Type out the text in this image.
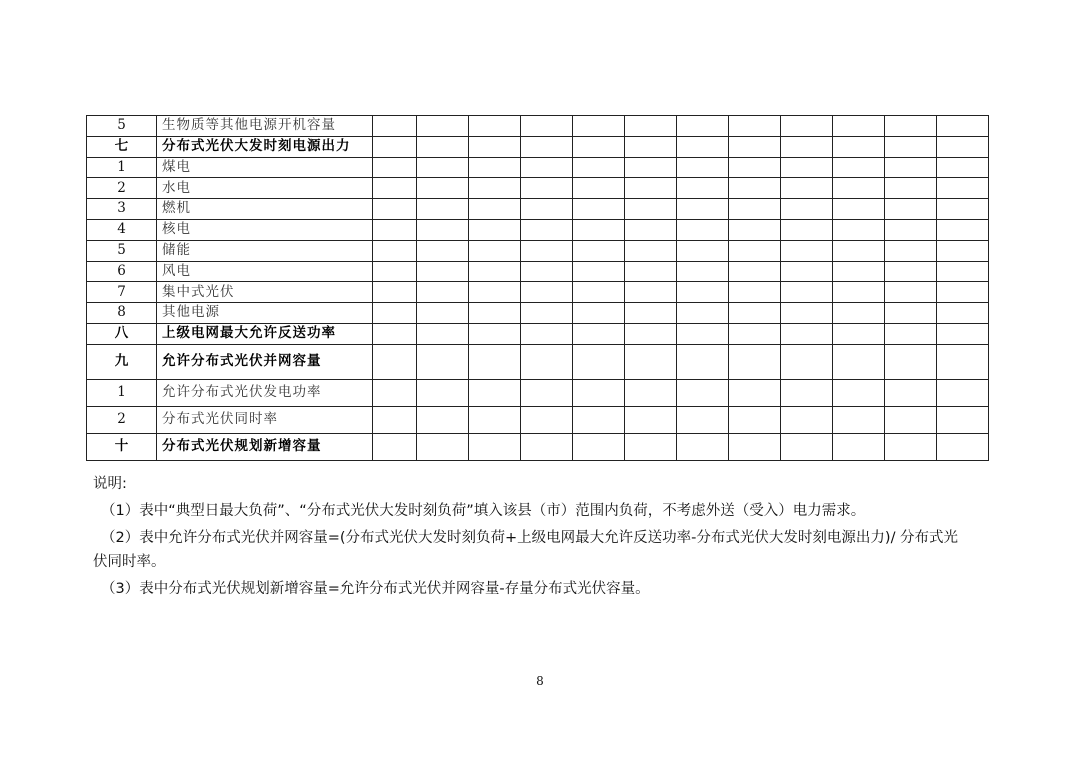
5	生物质等其他电源开机容量												
七	分布式光伏大发时刻电源出力												
1	煤电												
2	水电												
3	燃机												
4	核电												
5	储能												
6	风电												
7	集中式光伏												
8	其他电源												
八	上级电网最大允许反送功率												
九	允许分布式光伏并网容量												
1	允许分布式光伏发电功率												
2	分布式光伏同时率												
十	分布式光伏规划新增容量												

说明:

（1）表中“典型日最大负荷”、“分布式光伏大发时刻负荷”填入该县（市）范围内负荷，不考虑外送（受入）电力需求。

（2）表中允许分布式光伏并网容量=(分布式光伏大发时刻负荷+上级电网最大允许反送功率-分布式光伏大发时刻电源出力)/ 分布式光

伏同时率。

（3）表中分布式光伏规划新增容量=允许分布式光伏并网容量-存量分布式光伏容量。

8
